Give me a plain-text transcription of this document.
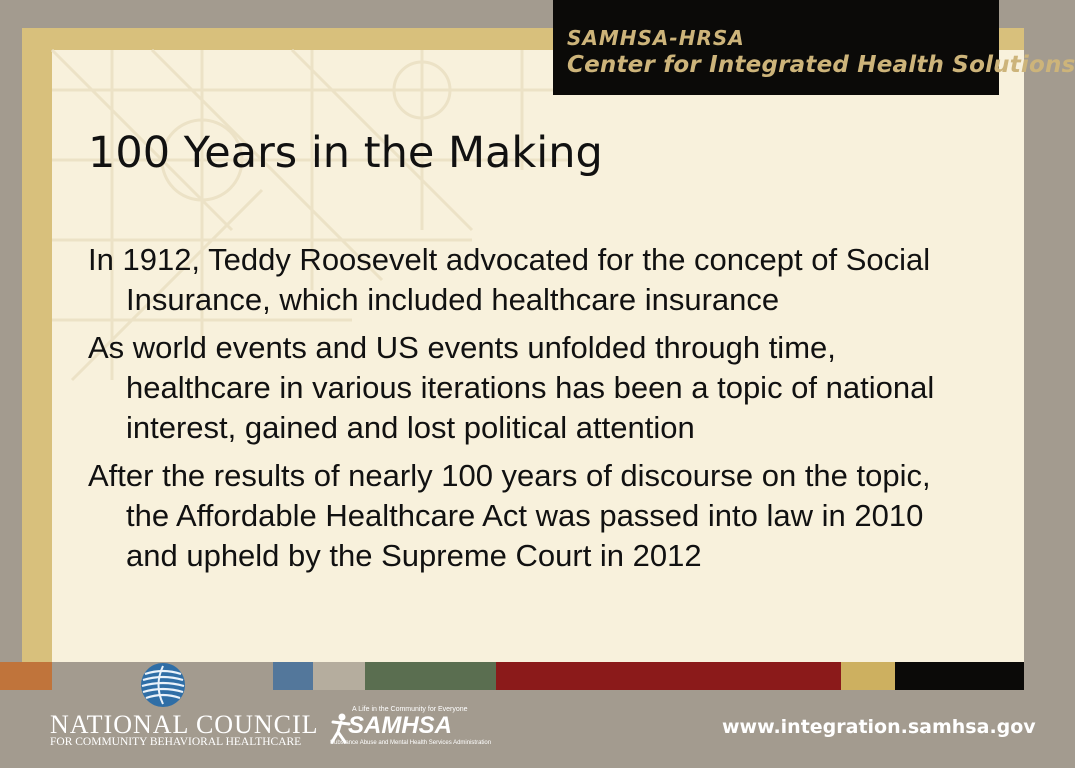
SAMHSA-HRSA
Center for Integrated Health Solutions
100 Years in the Making
In 1912, Teddy Roosevelt advocated for the concept of Social Insurance, which included healthcare insurance
As world events and US events unfolded through time, healthcare in various iterations has been a topic of national interest, gained and lost political attention
After the results of nearly 100 years of discourse on the topic, the Affordable Healthcare Act was passed into law in 2010 and upheld by the Supreme Court in 2012
NATIONAL COUNCIL
FOR COMMUNITY BEHAVIORAL HEALTHCARE
A Life in the Community for Everyone
SAMHSA
Substance Abuse and Mental Health Services Administration
www.integration.samhsa.gov
